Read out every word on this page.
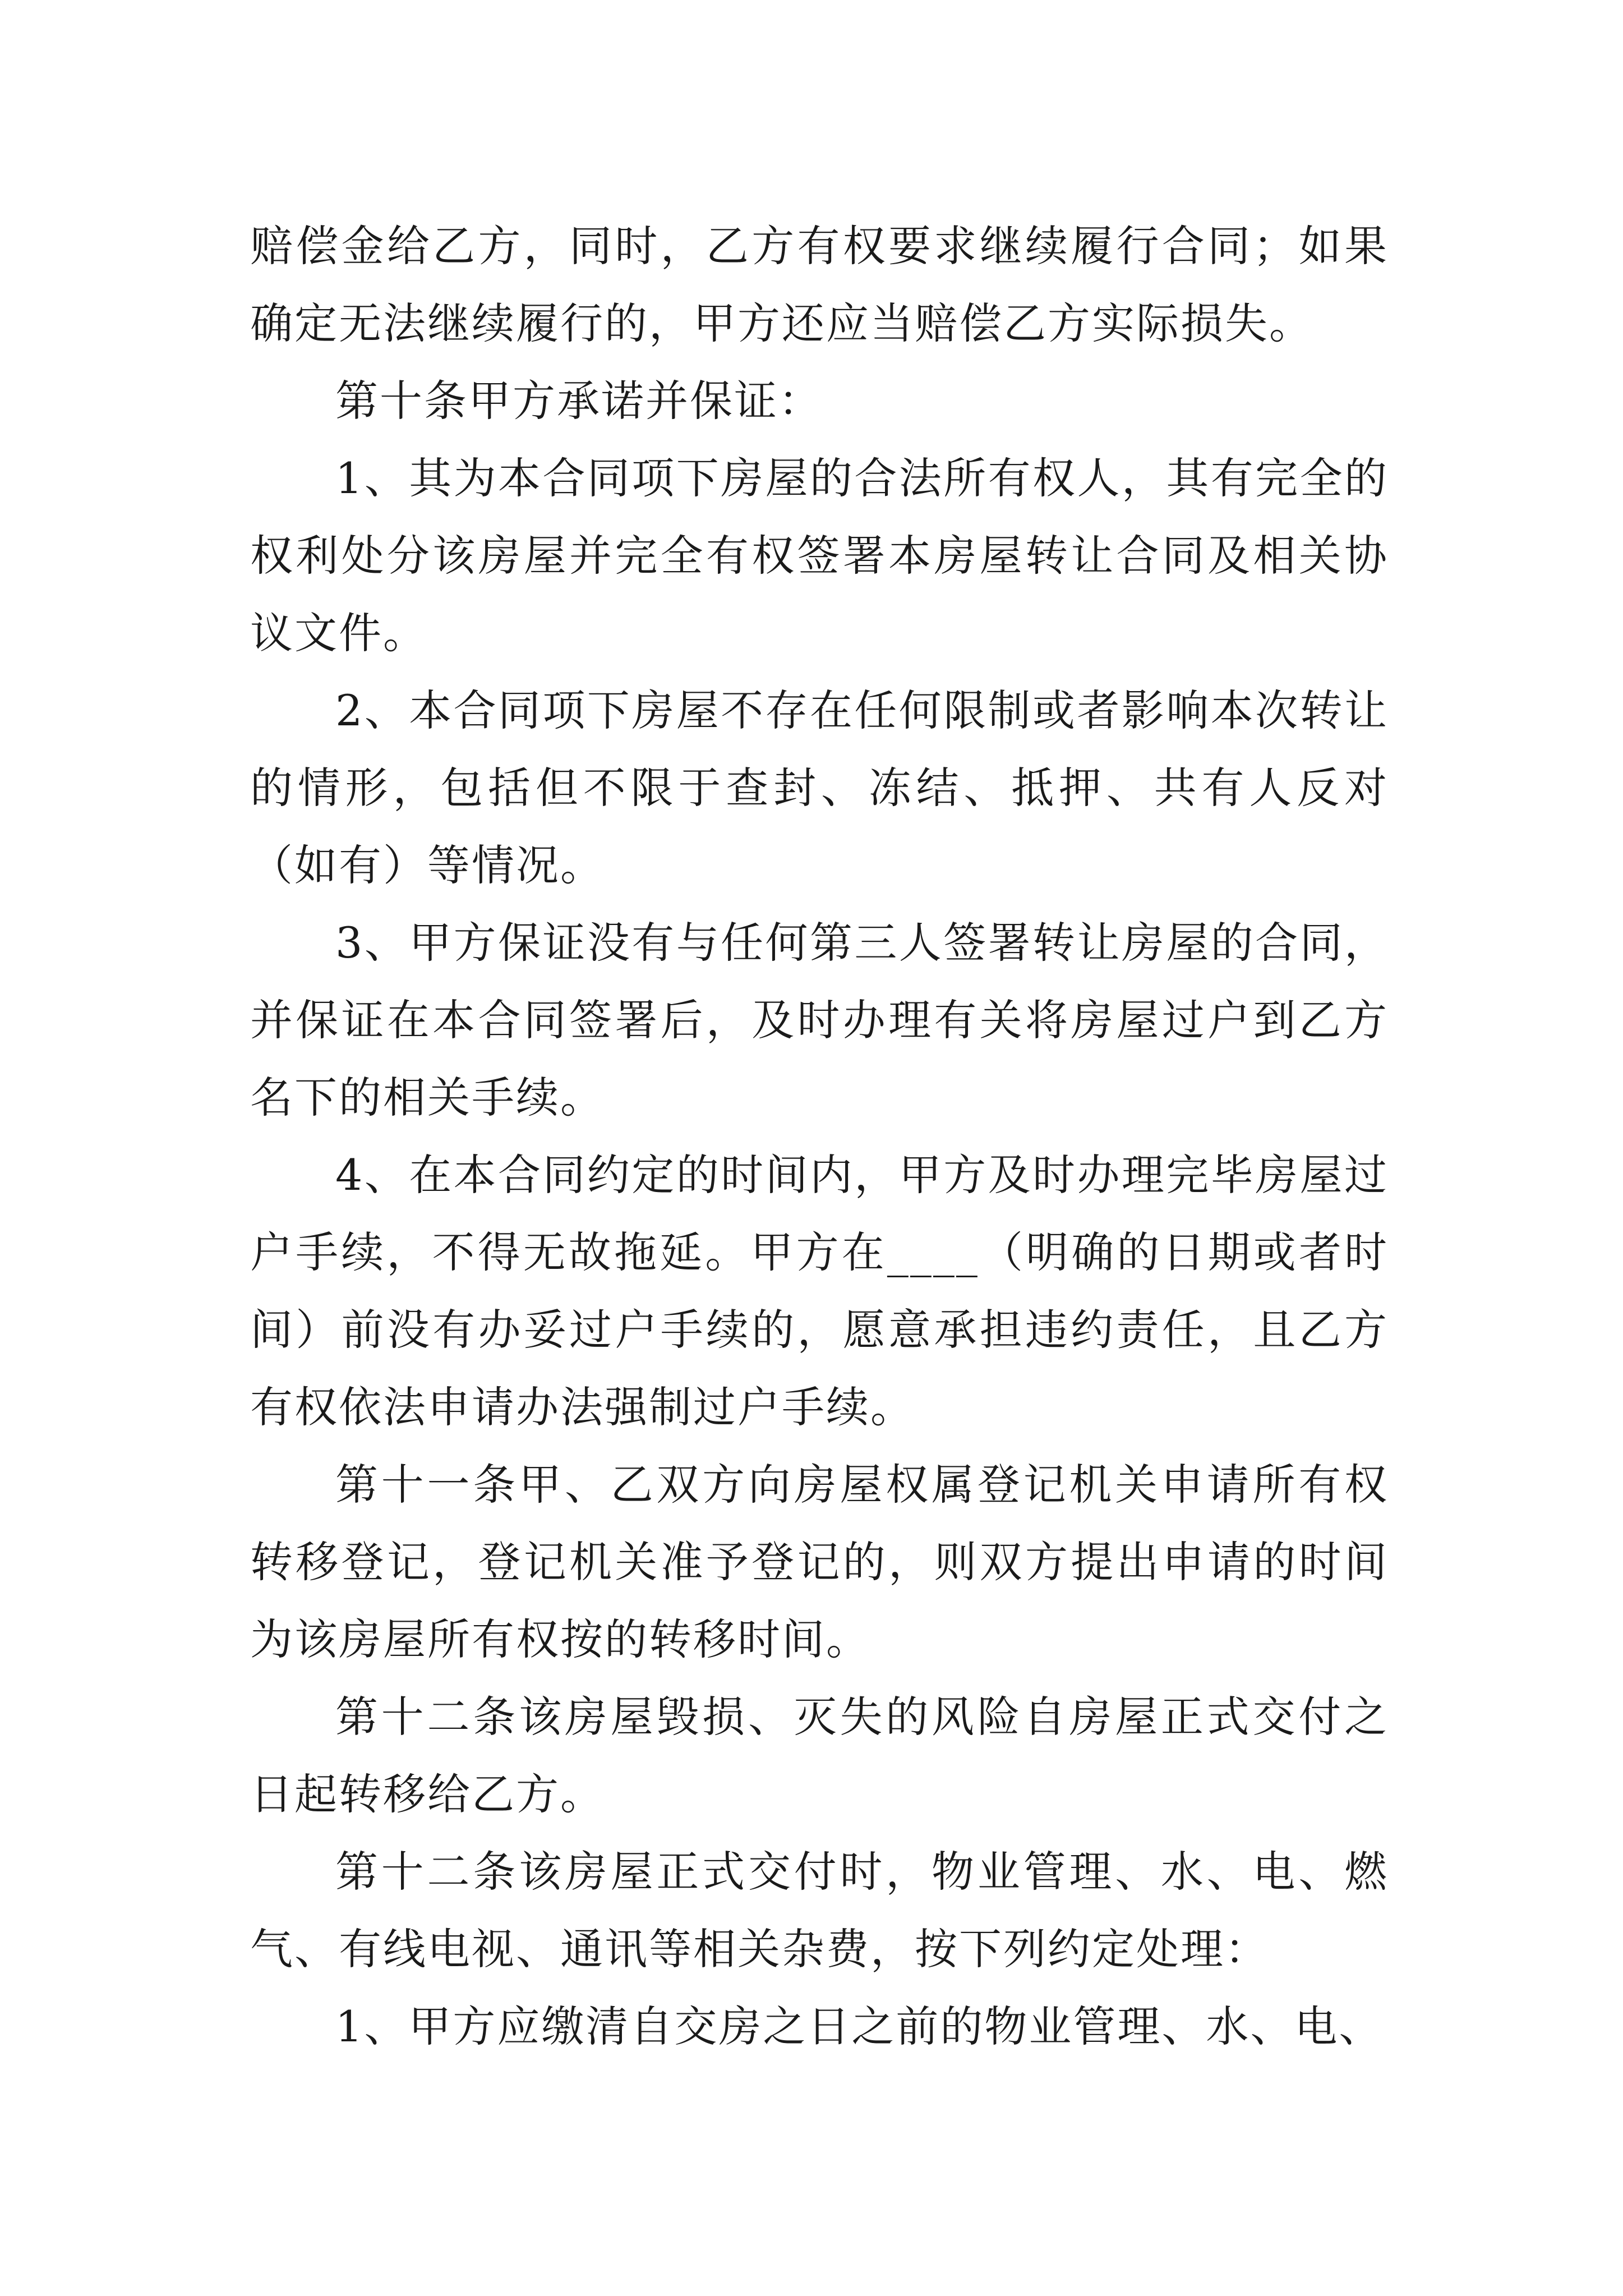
赔偿金给乙方，同时，乙方有权要求继续履行合同；如果确定无法继续履行的，甲方还应当赔偿乙方实际损失。

第十条甲方承诺并保证：

1、其为本合同项下房屋的合法所有权人，其有完全的权利处分该房屋并完全有权签署本房屋转让合同及相关协议文件。

2、本合同项下房屋不存在任何限制或者影响本次转让的情形，包括但不限于查封、冻结、抵押、共有人反对（如有）等情况。

3、甲方保证没有与任何第三人签署转让房屋的合同，并保证在本合同签署后，及时办理有关将房屋过户到乙方名下的相关手续。

4、在本合同约定的时间内，甲方及时办理完毕房屋过户手续，不得无故拖延。甲方在____（明确的日期或者时间）前没有办妥过户手续的，愿意承担违约责任，且乙方有权依法申请办法强制过户手续。

第十一条甲、乙双方向房屋权属登记机关申请所有权转移登记，登记机关准予登记的，则双方提出申请的时间为该房屋所有权按的转移时间。

第十二条该房屋毁损、灭失的风险自房屋正式交付之日起转移给乙方。

第十二条该房屋正式交付时，物业管理、水、电、燃气、有线电视、通讯等相关杂费，按下列约定处理：

1、甲方应缴清自交房之日之前的物业管理、水、电、
